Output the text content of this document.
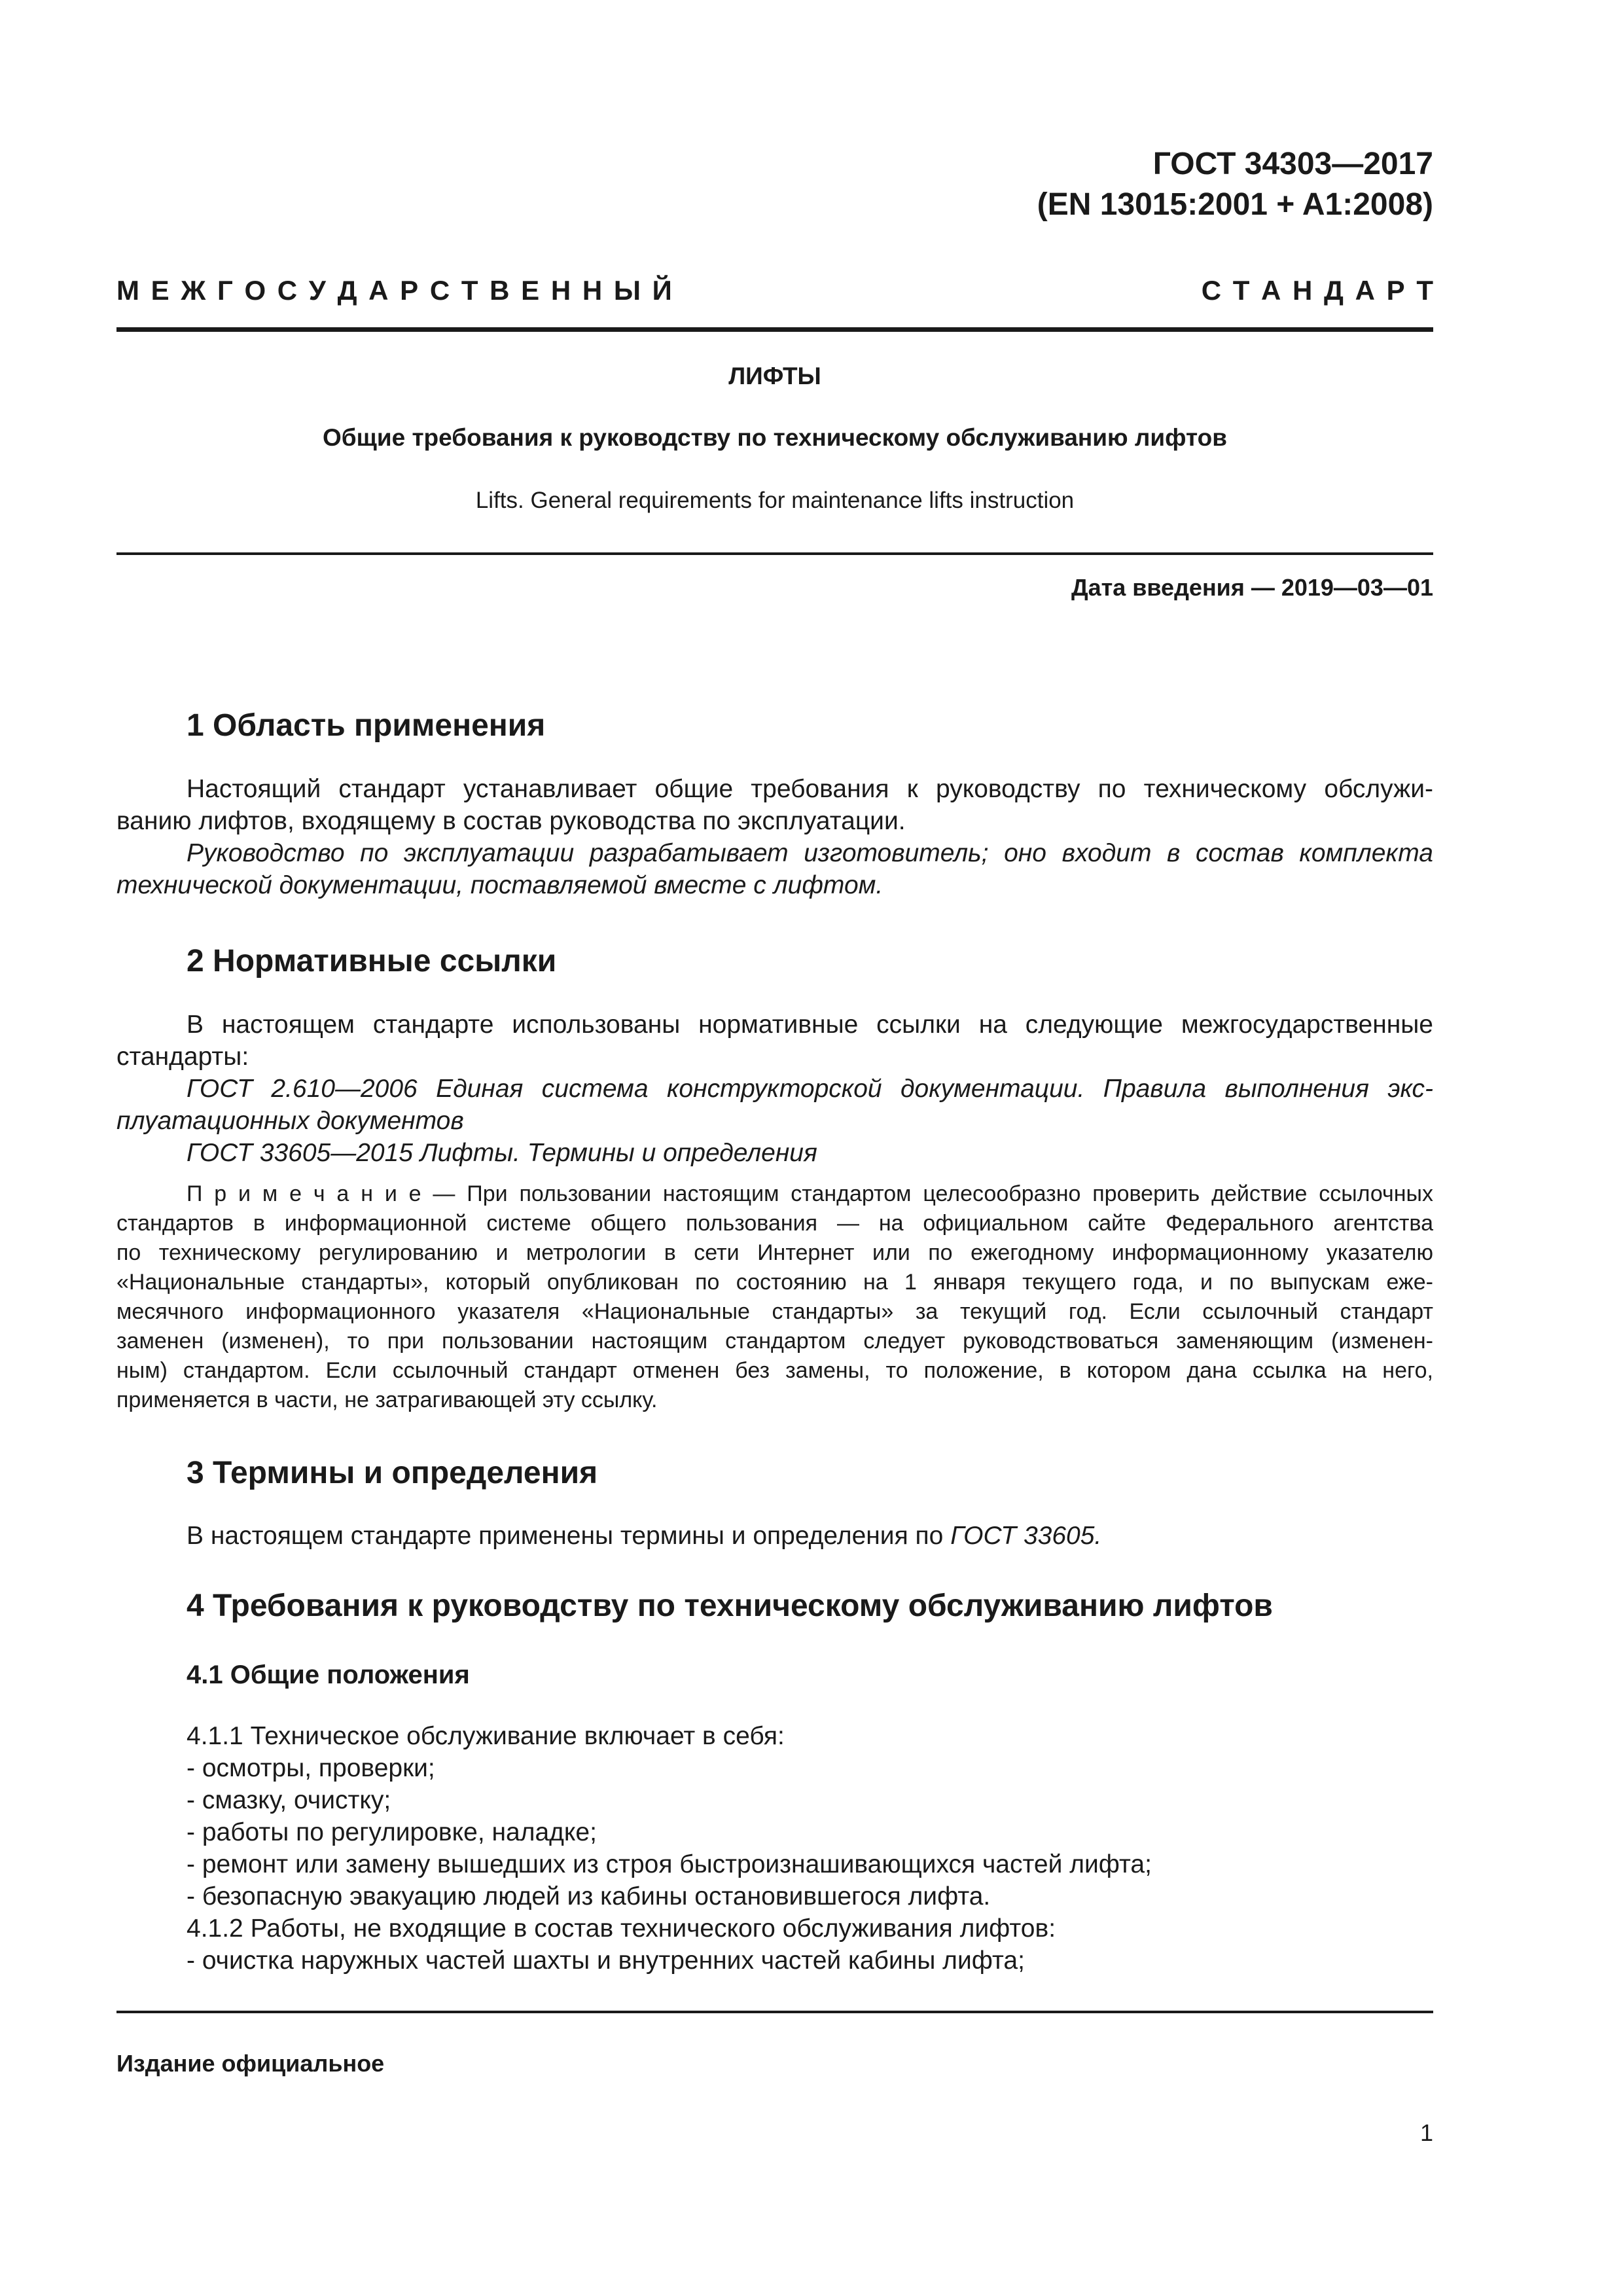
ГОСТ 34303—2017
(EN 13015:2001 + A1:2008)
М Е Ж Г О С У Д А Р С Т В Е Н Н Ы Й	С Т А Н Д А Р Т
ЛИФТЫ
Общие требования к руководству по техническому обслуживанию лифтов
Lifts. General requirements for maintenance lifts instruction
Дата введения — 2019—03—01
1 Область применения
Настоящий стандарт устанавливает общие требования к руководству по техническому обслужи-
ванию лифтов, входящему в состав руководства по эксплуатации.
Руководство по эксплуатации разрабатывает изготовитель; оно входит в состав комплекта
технической документации, поставляемой вместе с лифтом.
2 Нормативные ссылки
В настоящем стандарте использованы нормативные ссылки на следующие межгосударственные
стандарты:
ГОСТ 2.610—2006 Единая система конструкторской документации. Правила выполнения экс-
плуатационных документов
ГОСТ 33605—2015 Лифты. Термины и определения
П р и м е ч а н и е — При пользовании настоящим стандартом целесообразно проверить действие ссылочных
стандартов в информационной системе общего пользования — на официальном сайте Федерального агентства
по техническому регулированию и метрологии в сети Интернет или по ежегодному информационному указателю
«Национальные стандарты», который опубликован по состоянию на 1 января текущего года, и по выпускам еже-
месячного информационного указателя «Национальные стандарты» за текущий год. Если ссылочный стандарт
заменен (изменен), то при пользовании настоящим стандартом следует руководствоваться заменяющим (изменен-
ным) стандартом. Если ссылочный стандарт отменен без замены, то положение, в котором дана ссылка на него,
применяется в части, не затрагивающей эту ссылку.
3 Термины и определения
В настоящем стандарте применены термины и определения по ГОСТ 33605.
4 Требования к руководству по техническому обслуживанию лифтов
4.1 Общие положения
4.1.1 Техническое обслуживание включает в себя:
- осмотры, проверки;
- смазку, очистку;
- работы по регулировке, наладке;
- ремонт или замену вышедших из строя быстроизнашивающихся частей лифта;
- безопасную эвакуацию людей из кабины остановившегося лифта.
4.1.2 Работы, не входящие в состав технического обслуживания лифтов:
- очистка наружных частей шахты и внутренних частей кабины лифта;
Издание официальное
1
